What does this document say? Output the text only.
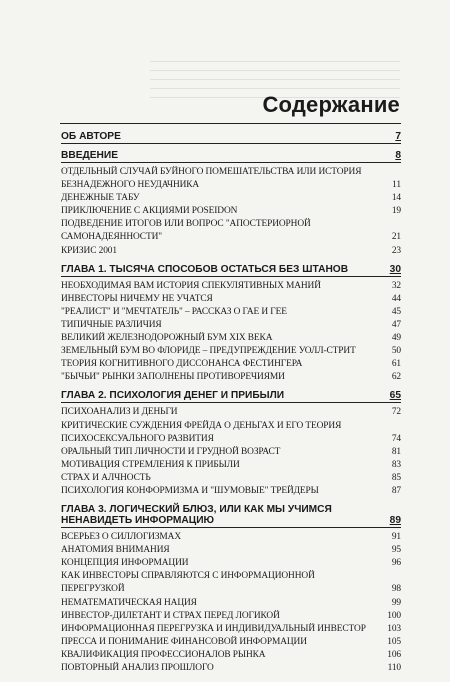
Содержание
ОБ АВТОРЕ	7
ВВЕДЕНИЕ	8
ОТДЕЛЬНЫЙ СЛУЧАЙ БУЙНОГО ПОМЕШАТЕЛЬСТВА ИЛИ ИСТОРИЯ БЕЗНАДЕЖНОГО НЕУДАЧНИКА	11
ДЕНЕЖНЫЕ ТАБУ	14
ПРИКЛЮЧЕНИЕ С АКЦИЯМИ POSEIDON	19
ПОДВЕДЕНИЕ ИТОГОВ ИЛИ ВОПРОС "АПОСТЕРИОРНОЙ САМОНАДЕЯННОСТИ"	21
КРИЗИС 2001	23
ГЛАВА 1. ТЫСЯЧА СПОСОБОВ ОСТАТЬСЯ БЕЗ ШТАНОВ	30
НЕОБХОДИМАЯ ВАМ ИСТОРИЯ СПЕКУЛЯТИВНЫХ МАНИЙ	32
ИНВЕСТОРЫ НИЧЕМУ НЕ УЧАТСЯ	44
"РЕАЛИСТ" И "МЕЧТАТЕЛЬ" – РАССКАЗ О ГАЕ И ГЕЕ	45
ТИПИЧНЫЕ РАЗЛИЧИЯ	47
ВЕЛИКИЙ ЖЕЛЕЗНОДОРОЖНЫЙ БУМ XIX ВЕКА	49
ЗЕМЕЛЬНЫЙ БУМ ВО ФЛОРИДЕ – ПРЕДУПРЕЖДЕНИЕ УОЛЛ-СТРИТ	50
ТЕОРИЯ КОГНИТИВНОГО ДИССОНАНСА ФЕСТИНГЕРА	61
"БЫЧЬИ" РЫНКИ ЗАПОЛНЕНЫ ПРОТИВОРЕЧИЯМИ	62
ГЛАВА 2. ПСИХОЛОГИЯ ДЕНЕГ И ПРИБЫЛИ	65
ПСИХОАНАЛИЗ И ДЕНЬГИ	72
КРИТИЧЕСКИЕ СУЖДЕНИЯ ФРЕЙДА О ДЕНЬГАХ И ЕГО ТЕОРИЯ ПСИХОСЕКСУАЛЬНОГО РАЗВИТИЯ	74
ОРАЛЬНЫЙ ТИП ЛИЧНОСТИ И ГРУДНОЙ ВОЗРАСТ	81
МОТИВАЦИЯ СТРЕМЛЕНИЯ К ПРИБЫЛИ	83
СТРАХ И АЛЧНОСТЬ	85
ПСИХОЛОГИЯ КОНФОРМИЗМА И "ШУМОВЫЕ" ТРЕЙДЕРЫ	87
ГЛАВА 3. ЛОГИЧЕСКИЙ БЛЮЗ, ИЛИ КАК МЫ УЧИМСЯ НЕНАВИДЕТЬ ИНФОРМАЦИЮ	89
ВСЕРЬЕЗ О СИЛЛОГИЗМАХ	91
АНАТОМИЯ ВНИМАНИЯ	95
КОНЦЕПЦИЯ ИНФОРМАЦИИ	96
КАК ИНВЕСТОРЫ СПРАВЛЯЮТСЯ С ИНФОРМАЦИОННОЙ ПЕРЕГРУЗКОЙ	98
НЕМАТЕМАТИЧЕСКАЯ НАЦИЯ	99
ИНВЕСТОР-ДИЛЕТАНТ И СТРАХ ПЕРЕД ЛОГИКОЙ	100
ИНФОРМАЦИОННАЯ ПЕРЕГРУЗКА И ИНДИВИДУАЛЬНЫЙ ИНВЕСТОР	103
ПРЕССА И ПОНИМАНИЕ ФИНАНСОВОЙ ИНФОРМАЦИИ	105
КВАЛИФИКАЦИЯ ПРОФЕССИОНАЛОВ РЫНКА	106
ПОВТОРНЫЙ АНАЛИЗ ПРОШЛОГО	110
